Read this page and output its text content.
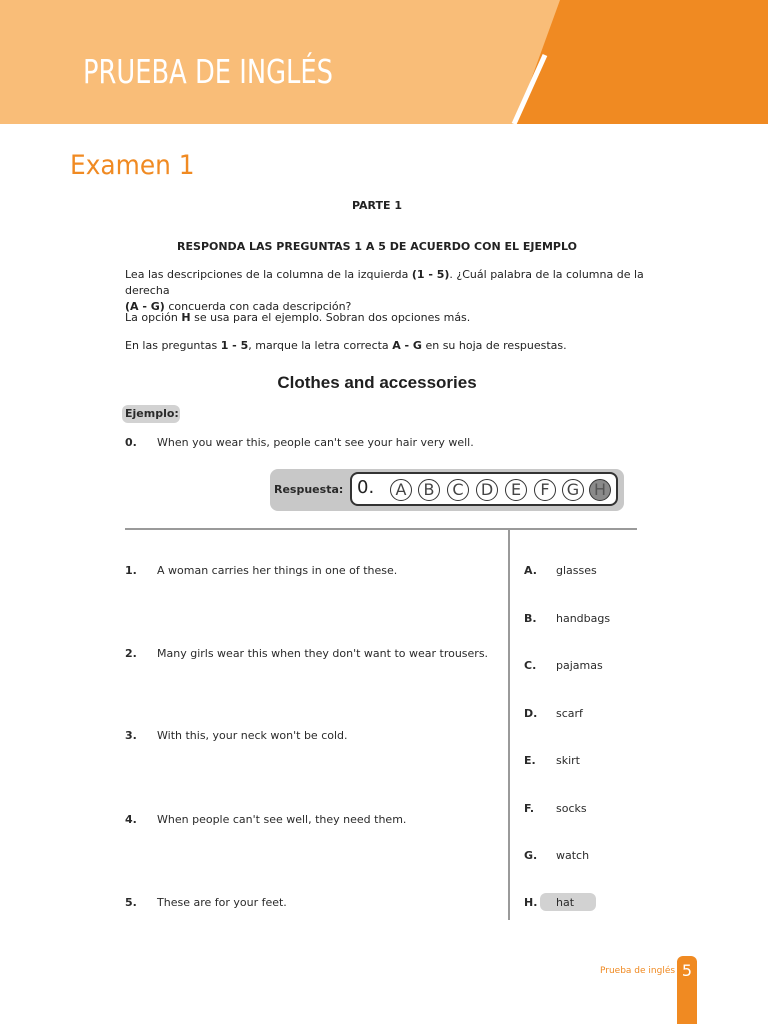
PRUEBA DE INGLÉS
Examen 1
PARTE 1
RESPONDA LAS PREGUNTAS 1 A 5 DE ACUERDO CON EL EJEMPLO
Lea las descripciones de la columna de la izquierda (1 - 5). ¿Cuál palabra de la columna de la derecha
(A - G) concuerda con cada descripción?
La opción H se usa para el ejemplo. Sobran dos opciones más.
En las preguntas 1 - 5, marque la letra correcta A - G en su hoja de respuestas.
Clothes and accessories
Ejemplo:
0. When you wear this, people can't see your hair very well.
Respuesta: 0.	A	B	C	D	E	F	G H
1. A woman carries her things in one of these.
2. Many girls wear this when they don't want to wear trousers.
3. With this, your neck won't be cold.
4. When people can't see well, they need them.
5. These are for your feet.
A. glasses
B. handbags
C. pajamas
D. scarf
E. skirt
F. socks
G. watch
H. hat
Prueba de inglés 5
